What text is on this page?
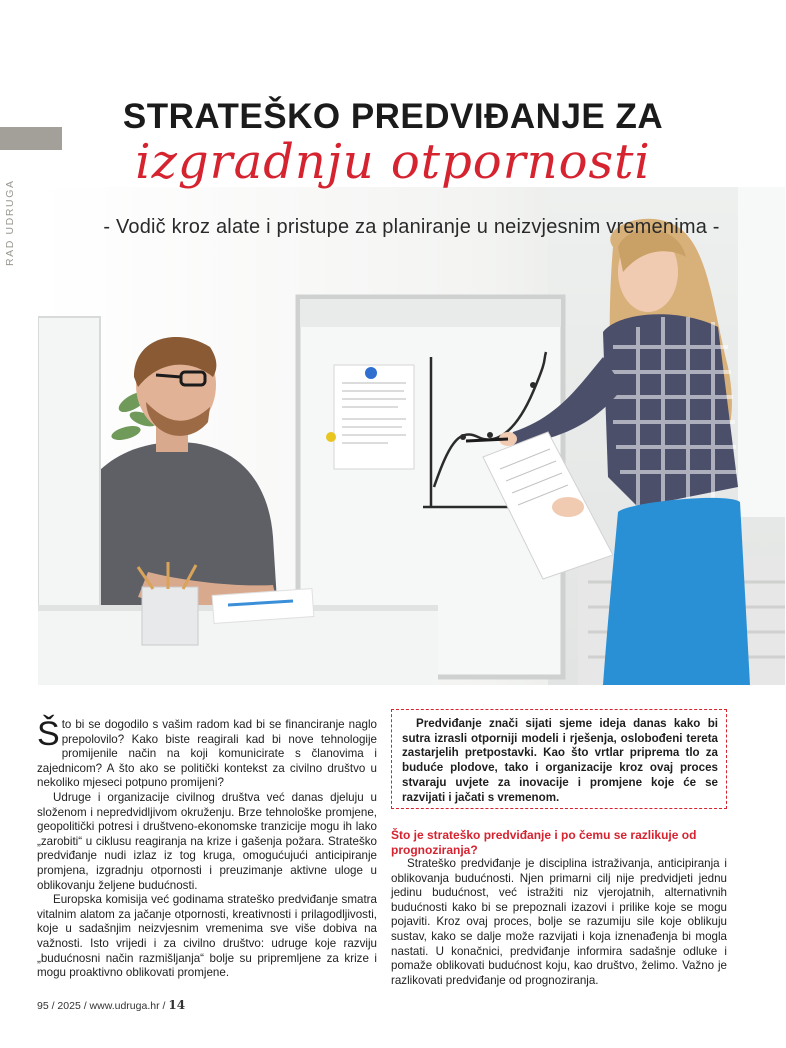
RAD UDRUGA
STRATEŠKO PREDVIĐANJE ZA
izgradnju otpornosti
- Vodič kroz alate i pristupe za planiranje u neizvjesnim vremenima -

Što bi se dogodilo s vašim radom kad bi se financiranje naglo prepolovilo? Kako biste reagirali kad bi nove tehnologije promijenile način na koji komunicirate s članovima i zajednicom? A što ako se politički kontekst za civilno društvo u nekoliko mjeseci potpuno promijeni?

Udruge i organizacije civilnog društva već danas djeluju u složenom i nepredvidljivom okruženju. Brze tehnološke promjene, geopolitički potresi i društveno-ekonomske tranzicije mogu ih lako „zarobiti“ u ciklusu reagiranja na krize i gašenja požara. Strateško predviđanje nudi izlaz iz tog kruga, omogućujući anticipiranje promjena, izgradnju otpornosti i preuzimanje aktivne uloge u oblikovanju željene budućnosti.

Europska komisija već godinama strateško predviđanje smatra vitalnim alatom za jačanje otpornosti, kreativnosti i prilagodljivosti, koje u sadašnjim neizvjesnim vremenima sve više dobiva na važnosti. Isto vrijedi i za civilno društvo: udruge koje razviju „budućnosni način razmišljanja“ bolje su pripremljene za krize i mogu proaktivno oblikovati promjene.

Predviđanje znači sijati sjeme ideja danas kako bi sutra izrasli otporniji modeli i rješenja, oslobođeni tereta zastarjelih pretpostavki. Kao što vrtlar priprema tlo za buduće plodove, tako i organizacije kroz ovaj proces stvaraju uvjete za inovacije i promjene koje će se razvijati i jačati s vremenom.

Što je strateško predviđanje i po čemu se razlikuje od prognoziranja?

Strateško predviđanje je disciplina istraživanja, anticipiranja i oblikovanja budućnosti. Njen primarni cilj nije predvidjeti jednu jedinu budućnost, već istražiti niz vjerojatnih, alternativnih budućnosti kako bi se prepoznali izazovi i prilike koje se mogu pojaviti. Kroz ovaj proces, bolje se razumiju sile koje oblikuju sustav, kako se dalje može razvijati i koja iznenađenja bi mogla nastati. U konačnici, predviđanje informira sadašnje odluke i pomaže oblikovati budućnost koju, kao društvo, želimo. Važno je razlikovati predviđanje od prognoziranja.

95 / 2025 / www.udruga.hr / 14
